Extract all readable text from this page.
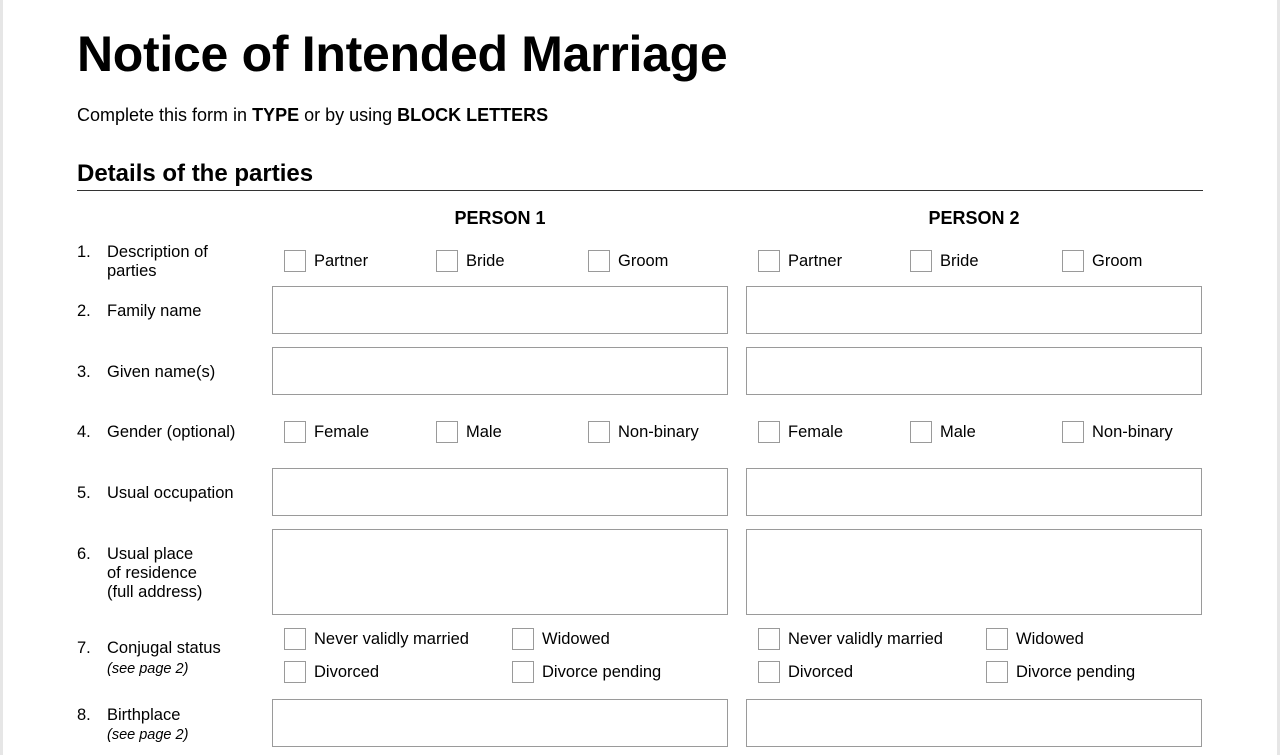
Notice of Intended Marriage
Complete this form in TYPE or by using BLOCK LETTERS
Details of the parties
PERSON 1	PERSON 2
1. Description of
parties
Partner	Bride	Groom	Partner	Bride	Groom
2. Family name
3. Given name(s)
4. Gender (optional)	Female	Male	Non-binary	Female	Male	Non-binary
5. Usual occupation
6. Usual place
of residence
(full address)
7. Conjugal status
(see page 2)
Never validly married	Widowed
Divorced	Divorce pending
Never validly married	Widowed
Divorced	Divorce pending
8. Birthplace
(see page 2)
